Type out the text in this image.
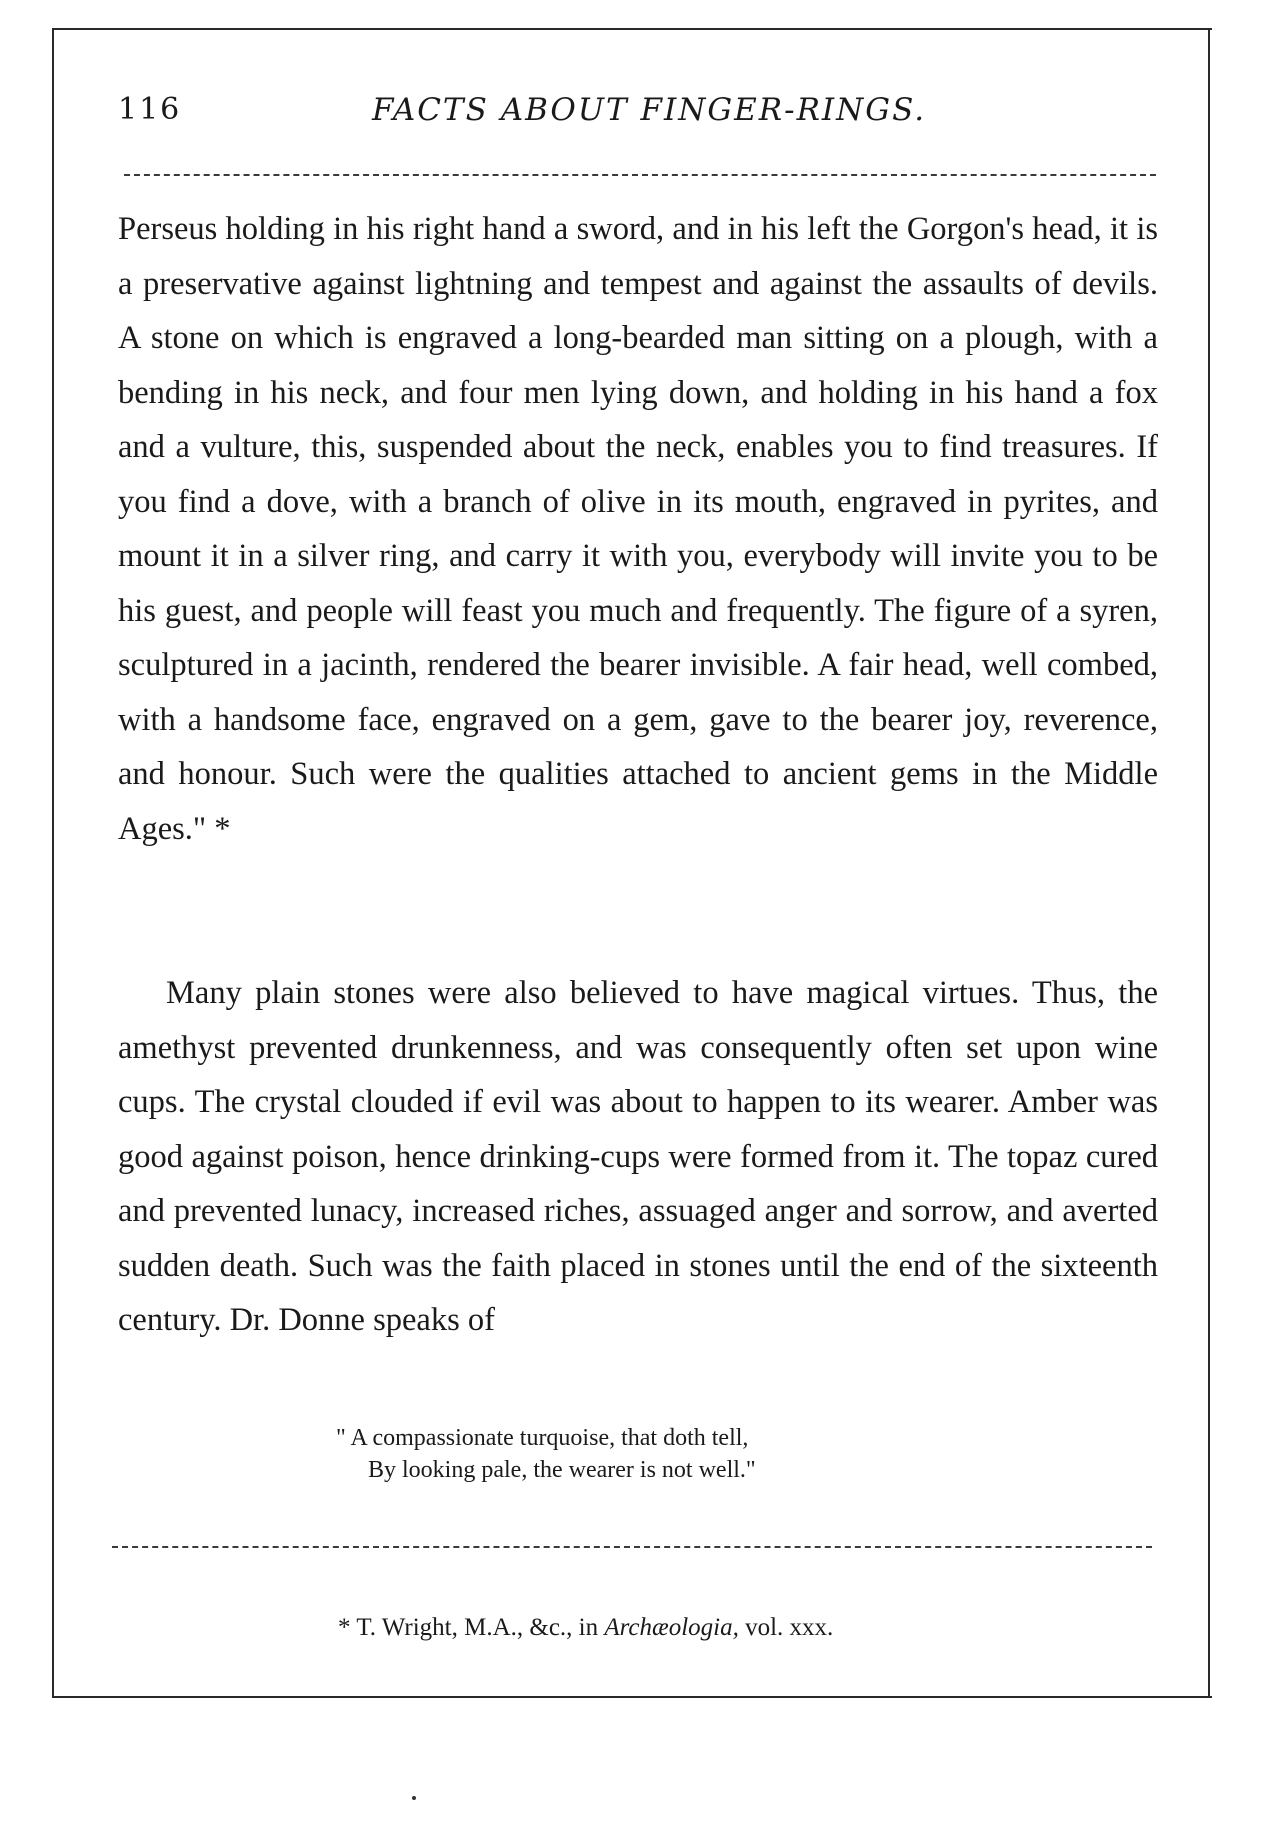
116	FACTS ABOUT FINGER-RINGS.

Perseus holding in his right hand a sword, and in his left the Gorgon's head, it is a preservative against lightning and tempest and against the assaults of devils. A stone on which is engraved a long-bearded man sitting on a plough, with a bending in his neck, and four men lying down, and holding in his hand a fox and a vulture, this, suspended about the neck, enables you to find treasures. If you find a dove, with a branch of olive in its mouth, engraved in pyrites, and mount it in a silver ring, and carry it with you, everybody will invite you to be his guest, and people will feast you much and frequently. The figure of a syren, sculptured in a jacinth, rendered the bearer invisible. A fair head, well combed, with a handsome face, engraved on a gem, gave to the bearer joy, reverence, and honour. Such were the qualities attached to ancient gems in the Middle Ages." *

Many plain stones were also believed to have magical virtues. Thus, the amethyst prevented drunkenness, and was consequently often set upon wine cups. The crystal clouded if evil was about to happen to its wearer. Amber was good against poison, hence drinking-cups were formed from it. The topaz cured and prevented lunacy, increased riches, assuaged anger and sorrow, and averted sudden death. Such was the faith placed in stones until the end of the sixteenth century. Dr. Donne speaks of

" A compassionate turquoise, that doth tell,
By looking pale, the wearer is not well."
* T. Wright, M.A., &c., in Archæologia, vol. xxx.
